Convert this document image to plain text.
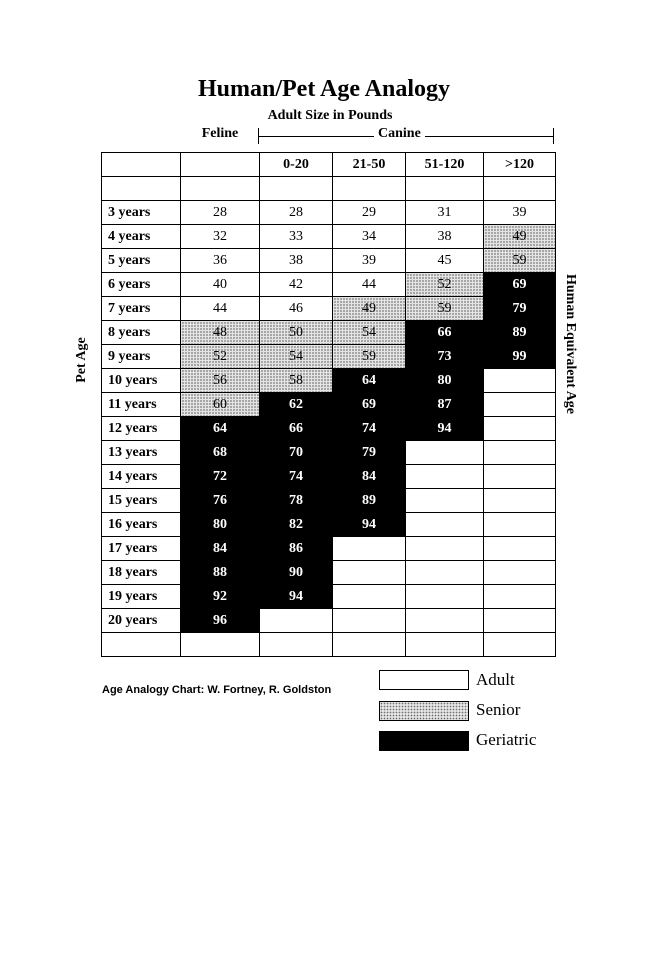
Human/Pet Age Analogy
Adult Size in Pounds
Feline	Canine
Pet Age	Human Equivalent Age
		0-20	21-50	51-120	>120

3 years	28	28	29	31	39
4 years	32	33	34	38	49
5 years	36	38	39	45	59
6 years	40	42	44	52	69
7 years	44	46	49	59	79
8 years	48	50	54	66	89
9 years	52	54	59	73	99
10 years	56	58	64	80	
11 years	60	62	69	87	
12 years	64	66	74	94	
13 years	68	70	79		
14 years	72	74	84		
15 years	76	78	89		
16 years	80	82	94		
17 years	84	86			
18 years	88	90			
19 years	92	94			
20 years	96				

Age Analogy Chart: W. Fortney, R. Goldston
Adult
Senior
Geriatric
